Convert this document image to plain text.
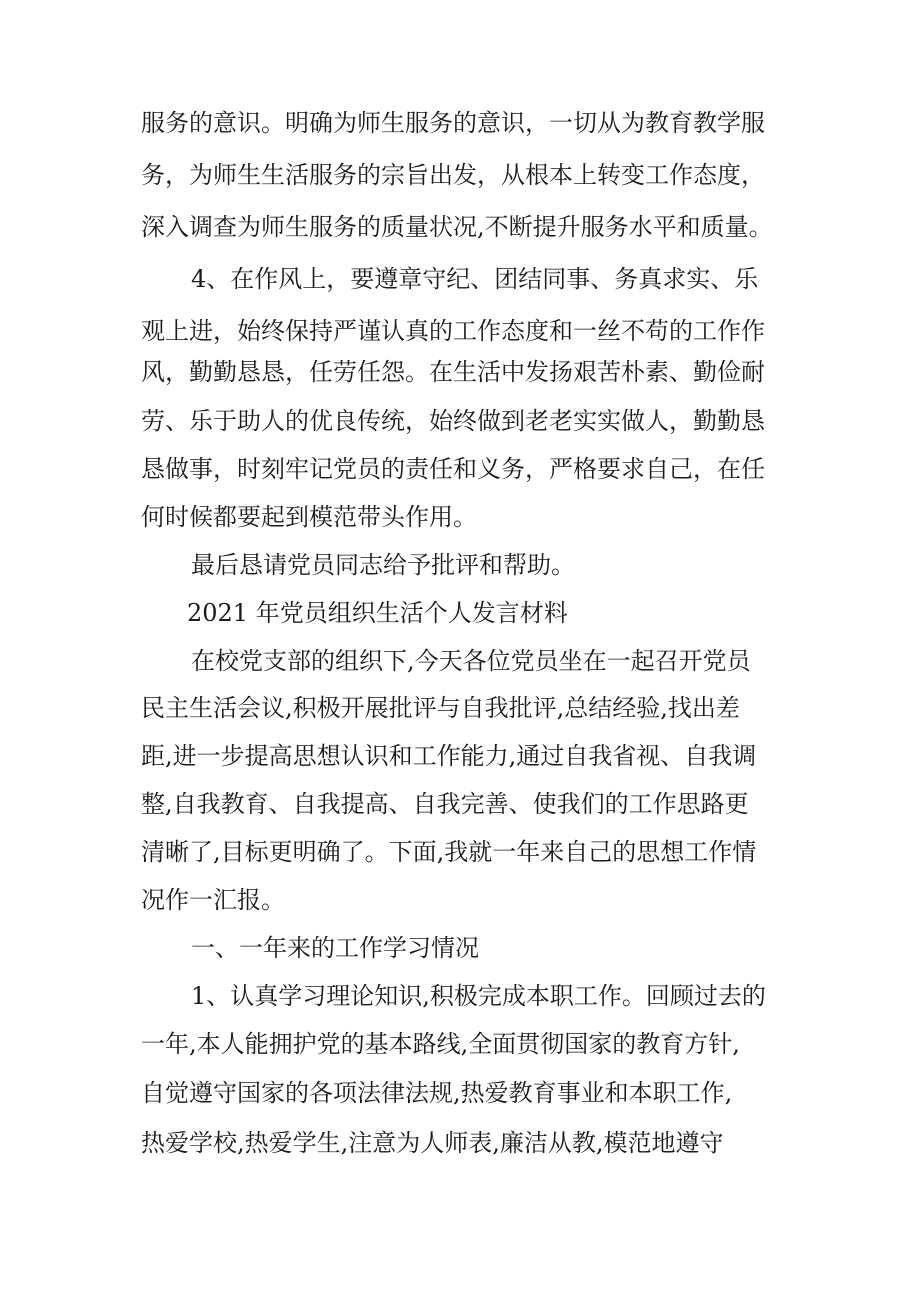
服务的意识。明确为师生服务的意识，一切从为教育教学服
务，为师生生活服务的宗旨出发，从根本上转变工作态度，
深入调查为师生服务的质量状况,不断提升服务水平和质量。
4、在作风上，要遵章守纪、团结同事、务真求实、乐
观上进，始终保持严谨认真的工作态度和一丝不苟的工作作
风，勤勤恳恳，任劳任怨。在生活中发扬艰苦朴素、勤俭耐
劳、乐于助人的优良传统，始终做到老老实实做人，勤勤恳
恳做事，时刻牢记党员的责任和义务，严格要求自己，在任
何时候都要起到模范带头作用。
最后恳请党员同志给予批评和帮助。
2021 年党员组织生活个人发言材料
在校党支部的组织下,今天各位党员坐在一起召开党员
民主生活会议,积极开展批评与自我批评,总结经验,找出差
距,进一步提高思想认识和工作能力,通过自我省视、自我调
整,自我教育、自我提高、自我完善、使我们的工作思路更
清晰了,目标更明确了。下面,我就一年来自己的思想工作情
况作一汇报。
一、一年来的工作学习情况
1、认真学习理论知识,积极完成本职工作。回顾过去的
一年,本人能拥护党的基本路线,全面贯彻国家的教育方针,
自觉遵守国家的各项法律法规,热爱教育事业和本职工作,
热爱学校,热爱学生,注意为人师表,廉洁从教,模范地遵守
